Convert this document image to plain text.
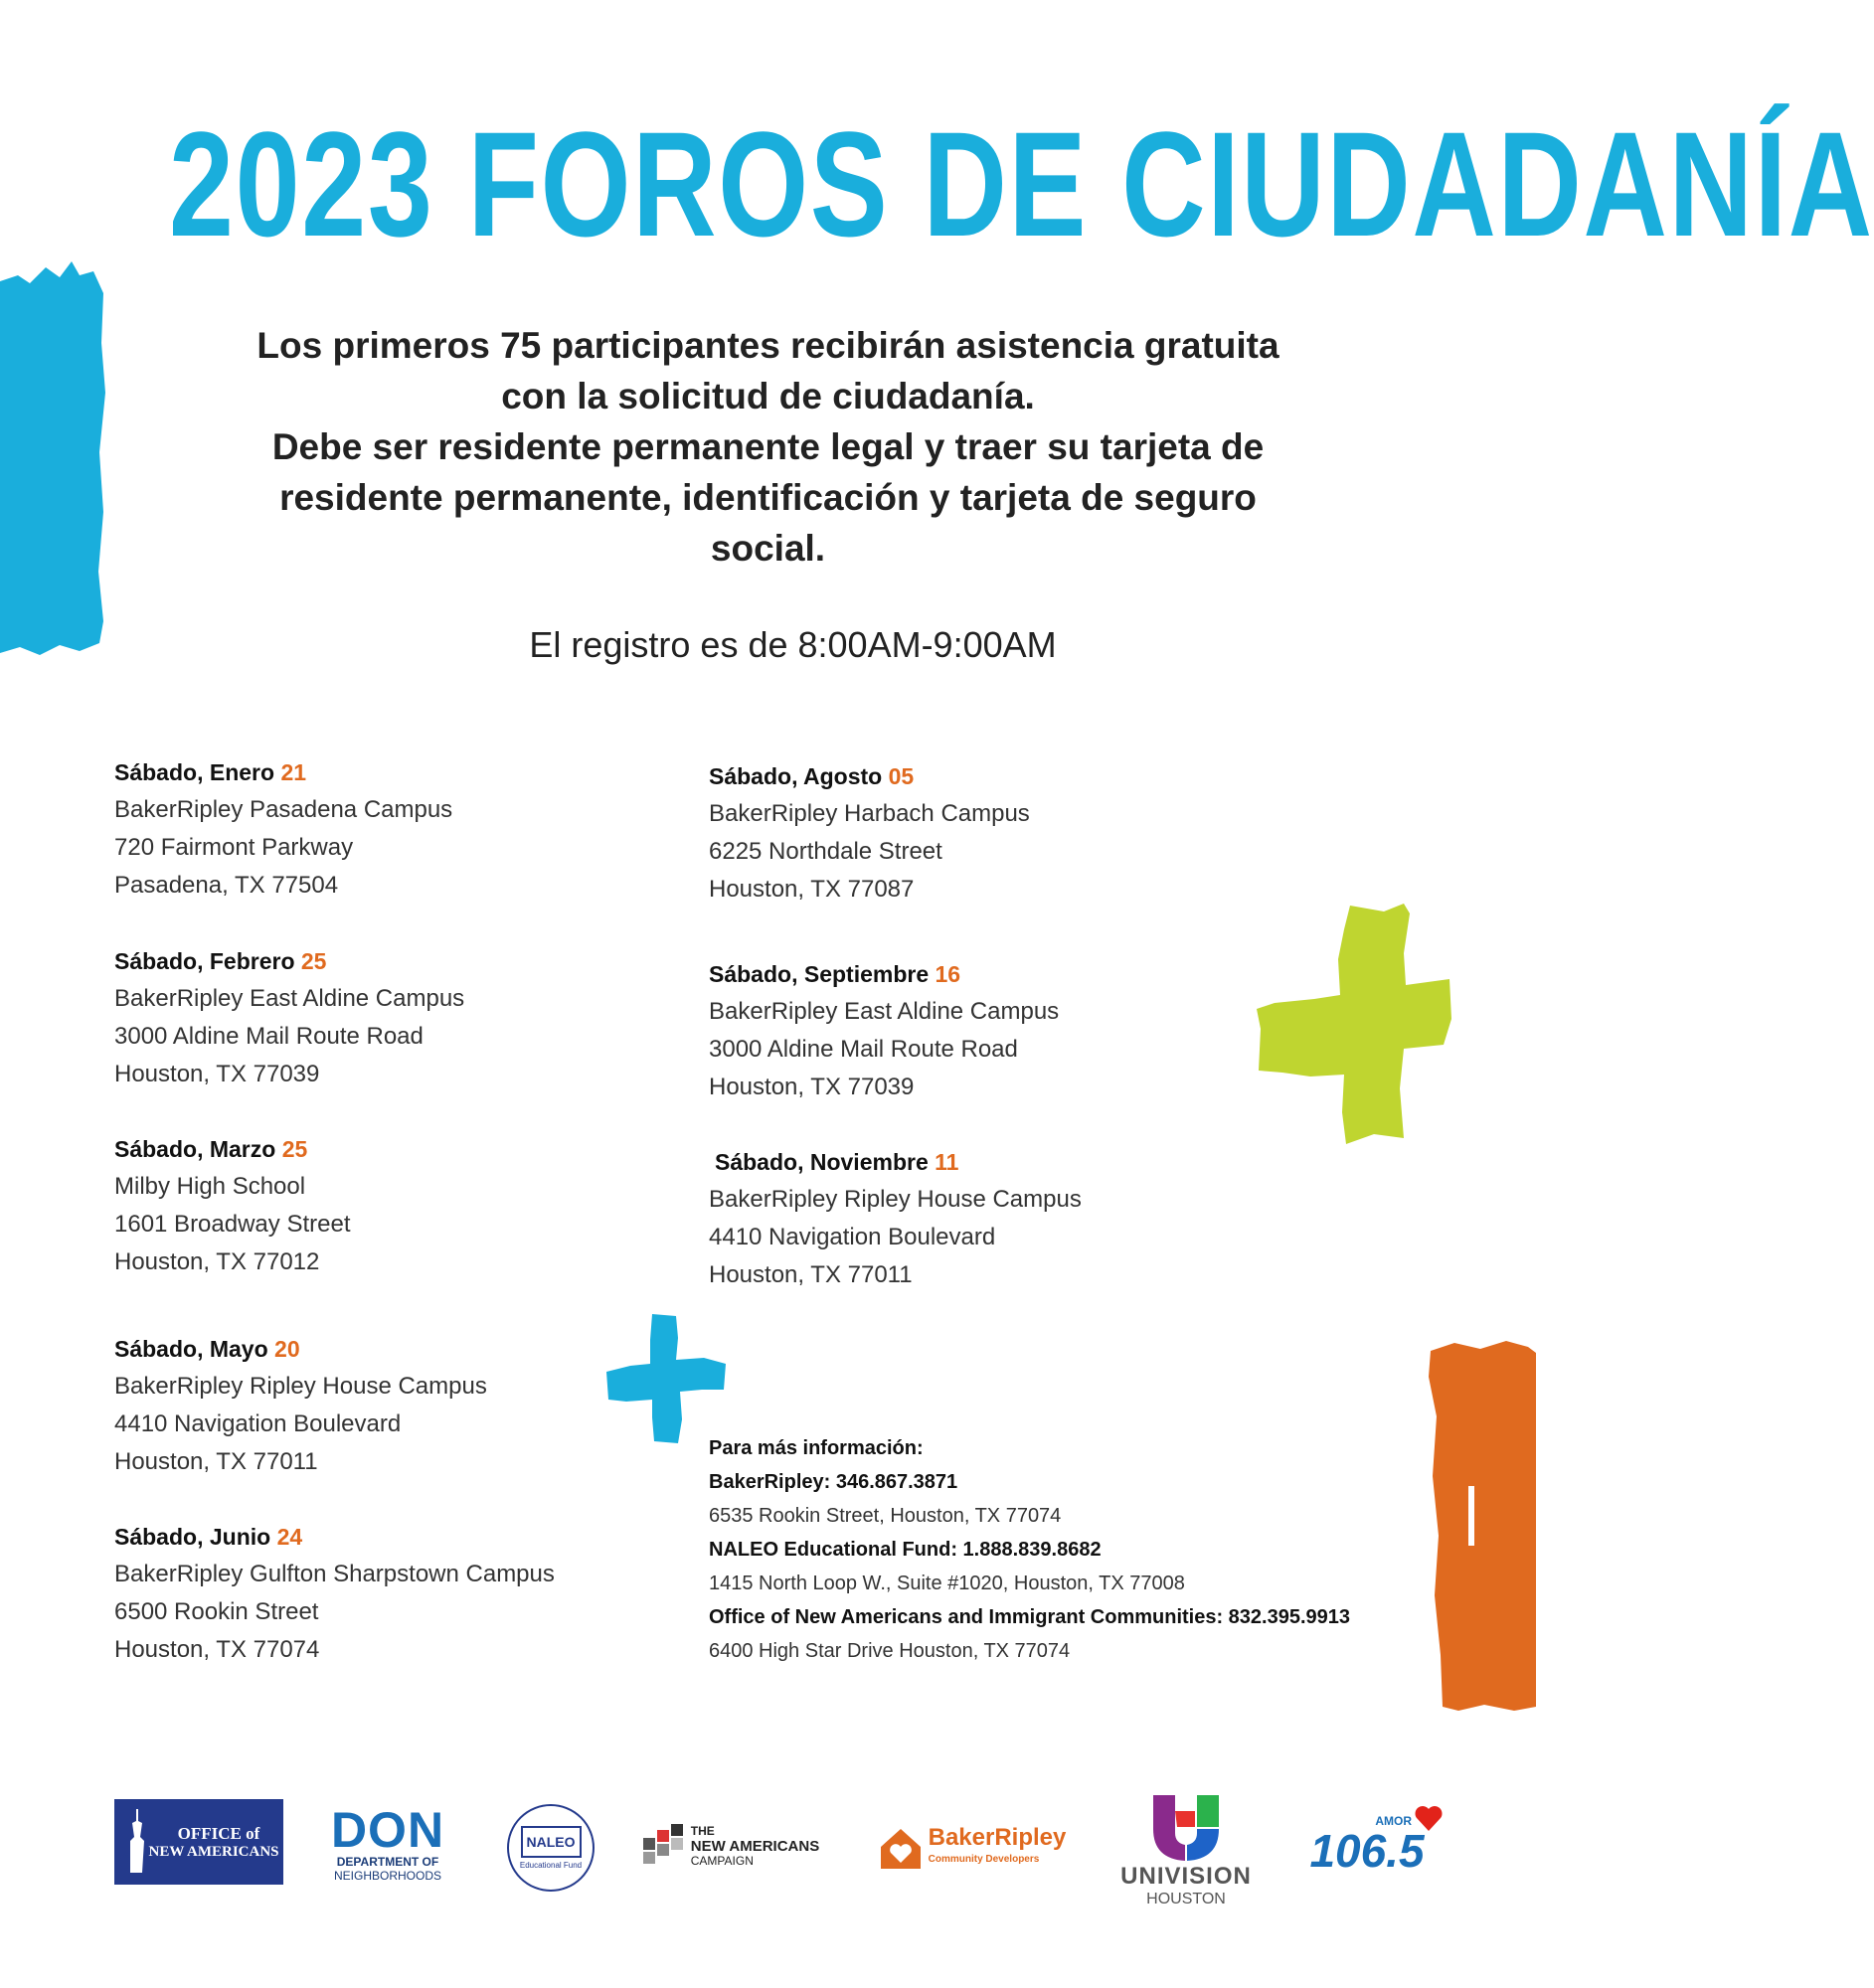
2023 FOROS DE CIUDADANÍA

Los primeros 75 participantes recibirán asistencia gratuita

con la solicitud de ciudadanía.

Debe ser residente permanente legal y traer su tarjeta de

residente permanente, identificación y tarjeta de seguro

social.

El registro es de 8:00AM-9:00AM
Sábado, Enero 21
BakerRipley Pasadena Campus
720 Fairmont Parkway
Pasadena, TX 77504
Sábado, Febrero 25
BakerRipley East Aldine Campus
3000 Aldine Mail Route Road
Houston, TX 77039
Sábado, Marzo 25
Milby High School
1601 Broadway Street
Houston, TX 77012
Sábado, Mayo 20
BakerRipley Ripley House Campus
4410 Navigation Boulevard
Houston, TX 77011
Sábado, Junio 24
BakerRipley Gulfton Sharpstown Campus
6500 Rookin Street
Houston, TX 77074
Sábado, Agosto 05
BakerRipley Harbach Campus
6225 Northdale Street
Houston, TX 77087
Sábado, Septiembre 16
BakerRipley East Aldine Campus
3000 Aldine Mail Route Road
Houston, TX 77039
Sábado, Noviembre 11
BakerRipley Ripley House Campus
4410 Navigation Boulevard
Houston, TX 77011
Para más información:
BakerRipley: 346.867.3871
6535 Rookin Street, Houston, TX 77074
NALEO Educational Fund: 1.888.839.8682
1415 North Loop W., Suite #1020, Houston, TX 77008
Office of New Americans and Immigrant Communities: 832.395.9913
6400 High Star Drive Houston, TX 77074
OFFICE of
NEW AMERICANS DON
DEPARTMENT OF
NEIGHBORHOODS
NALEO
Educational Fund
THE
NEW AMERICANS
CAMPAIGN
BakerRipley
Community Developers
UNIVISION
HOUSTON
AMOR
106.5
